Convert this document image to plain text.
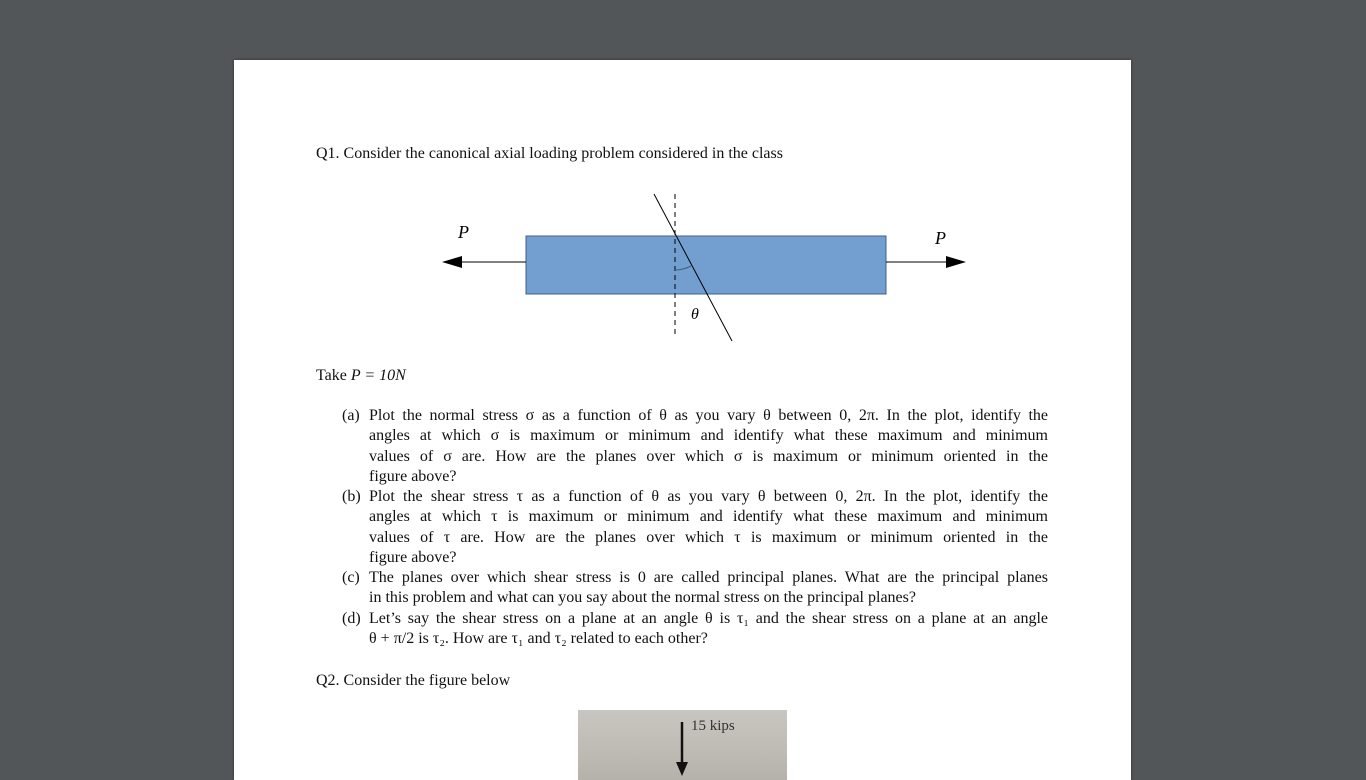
Q1. Consider the canonical axial loading problem considered in the class
P	P
θ
Take P = 10N
(a) Plot the normal stress σ as a function of θ as you vary θ between 0, 2π. In the plot, identify the
angles at which σ is maximum or minimum and identify what these maximum and minimum
values of σ are. How are the planes over which σ is maximum or minimum oriented in the
figure above?
(b) Plot the shear stress τ as a function of θ as you vary θ between 0, 2π. In the plot, identify the
angles at which τ is maximum or minimum and identify what these maximum and minimum
values of τ are. How are the planes over which τ is maximum or minimum oriented in the
figure above?
(c) The planes over which shear stress is 0 are called principal planes. What are the principal planes
in this problem and what can you say about the normal stress on the principal planes?
(d) Let’s say the shear stress on a plane at an angle θ is τ₁ and the shear stress on a plane at an angle
θ + π/2 is τ₂. How are τ₁ and τ₂ related to each other?
Q2. Consider the figure below
15 kips
